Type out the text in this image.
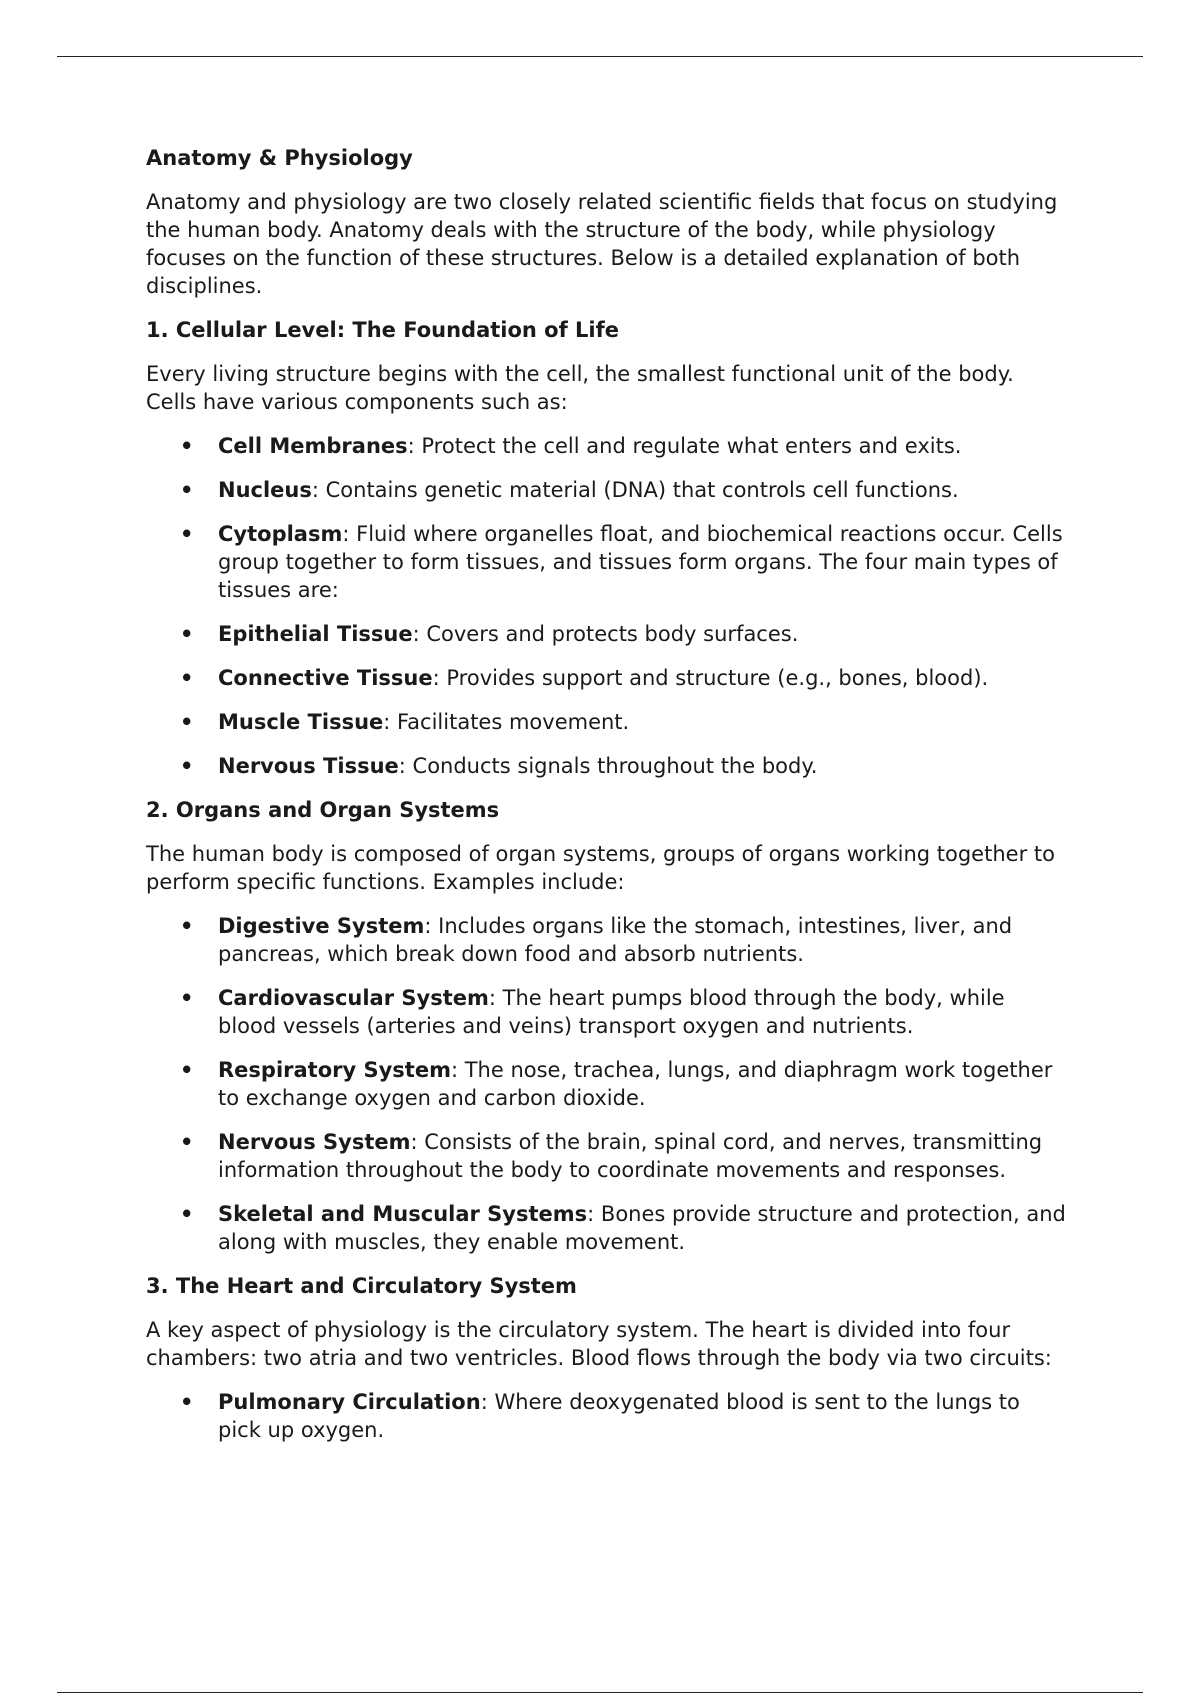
Anatomy & Physiology
Anatomy and physiology are two closely related scientific fields that focus on studying the human body. Anatomy deals with the structure of the body, while physiology focuses on the function of these structures. Below is a detailed explanation of both disciplines.
1. Cellular Level: The Foundation of Life
Every living structure begins with the cell, the smallest functional unit of the body. Cells have various components such as:
•	Cell Membranes: Protect the cell and regulate what enters and exits.
•	Nucleus: Contains genetic material (DNA) that controls cell functions.
•	Cytoplasm: Fluid where organelles float, and biochemical reactions occur. Cells group together to form tissues, and tissues form organs. The four main types of tissues are:
•	Epithelial Tissue: Covers and protects body surfaces.
•	Connective Tissue: Provides support and structure (e.g., bones, blood).
•	Muscle Tissue: Facilitates movement.
•	Nervous Tissue: Conducts signals throughout the body.
2. Organs and Organ Systems
The human body is composed of organ systems, groups of organs working together to perform specific functions. Examples include:
•	Digestive System: Includes organs like the stomach, intestines, liver, and pancreas, which break down food and absorb nutrients.
•	Cardiovascular System: The heart pumps blood through the body, while blood vessels (arteries and veins) transport oxygen and nutrients.
•	Respiratory System: The nose, trachea, lungs, and diaphragm work together to exchange oxygen and carbon dioxide.
•	Nervous System: Consists of the brain, spinal cord, and nerves, transmitting information throughout the body to coordinate movements and responses.
•	Skeletal and Muscular Systems: Bones provide structure and protection, and along with muscles, they enable movement.
3. The Heart and Circulatory System
A key aspect of physiology is the circulatory system. The heart is divided into four chambers: two atria and two ventricles. Blood flows through the body via two circuits:
•	Pulmonary Circulation: Where deoxygenated blood is sent to the lungs to pick up oxygen.
